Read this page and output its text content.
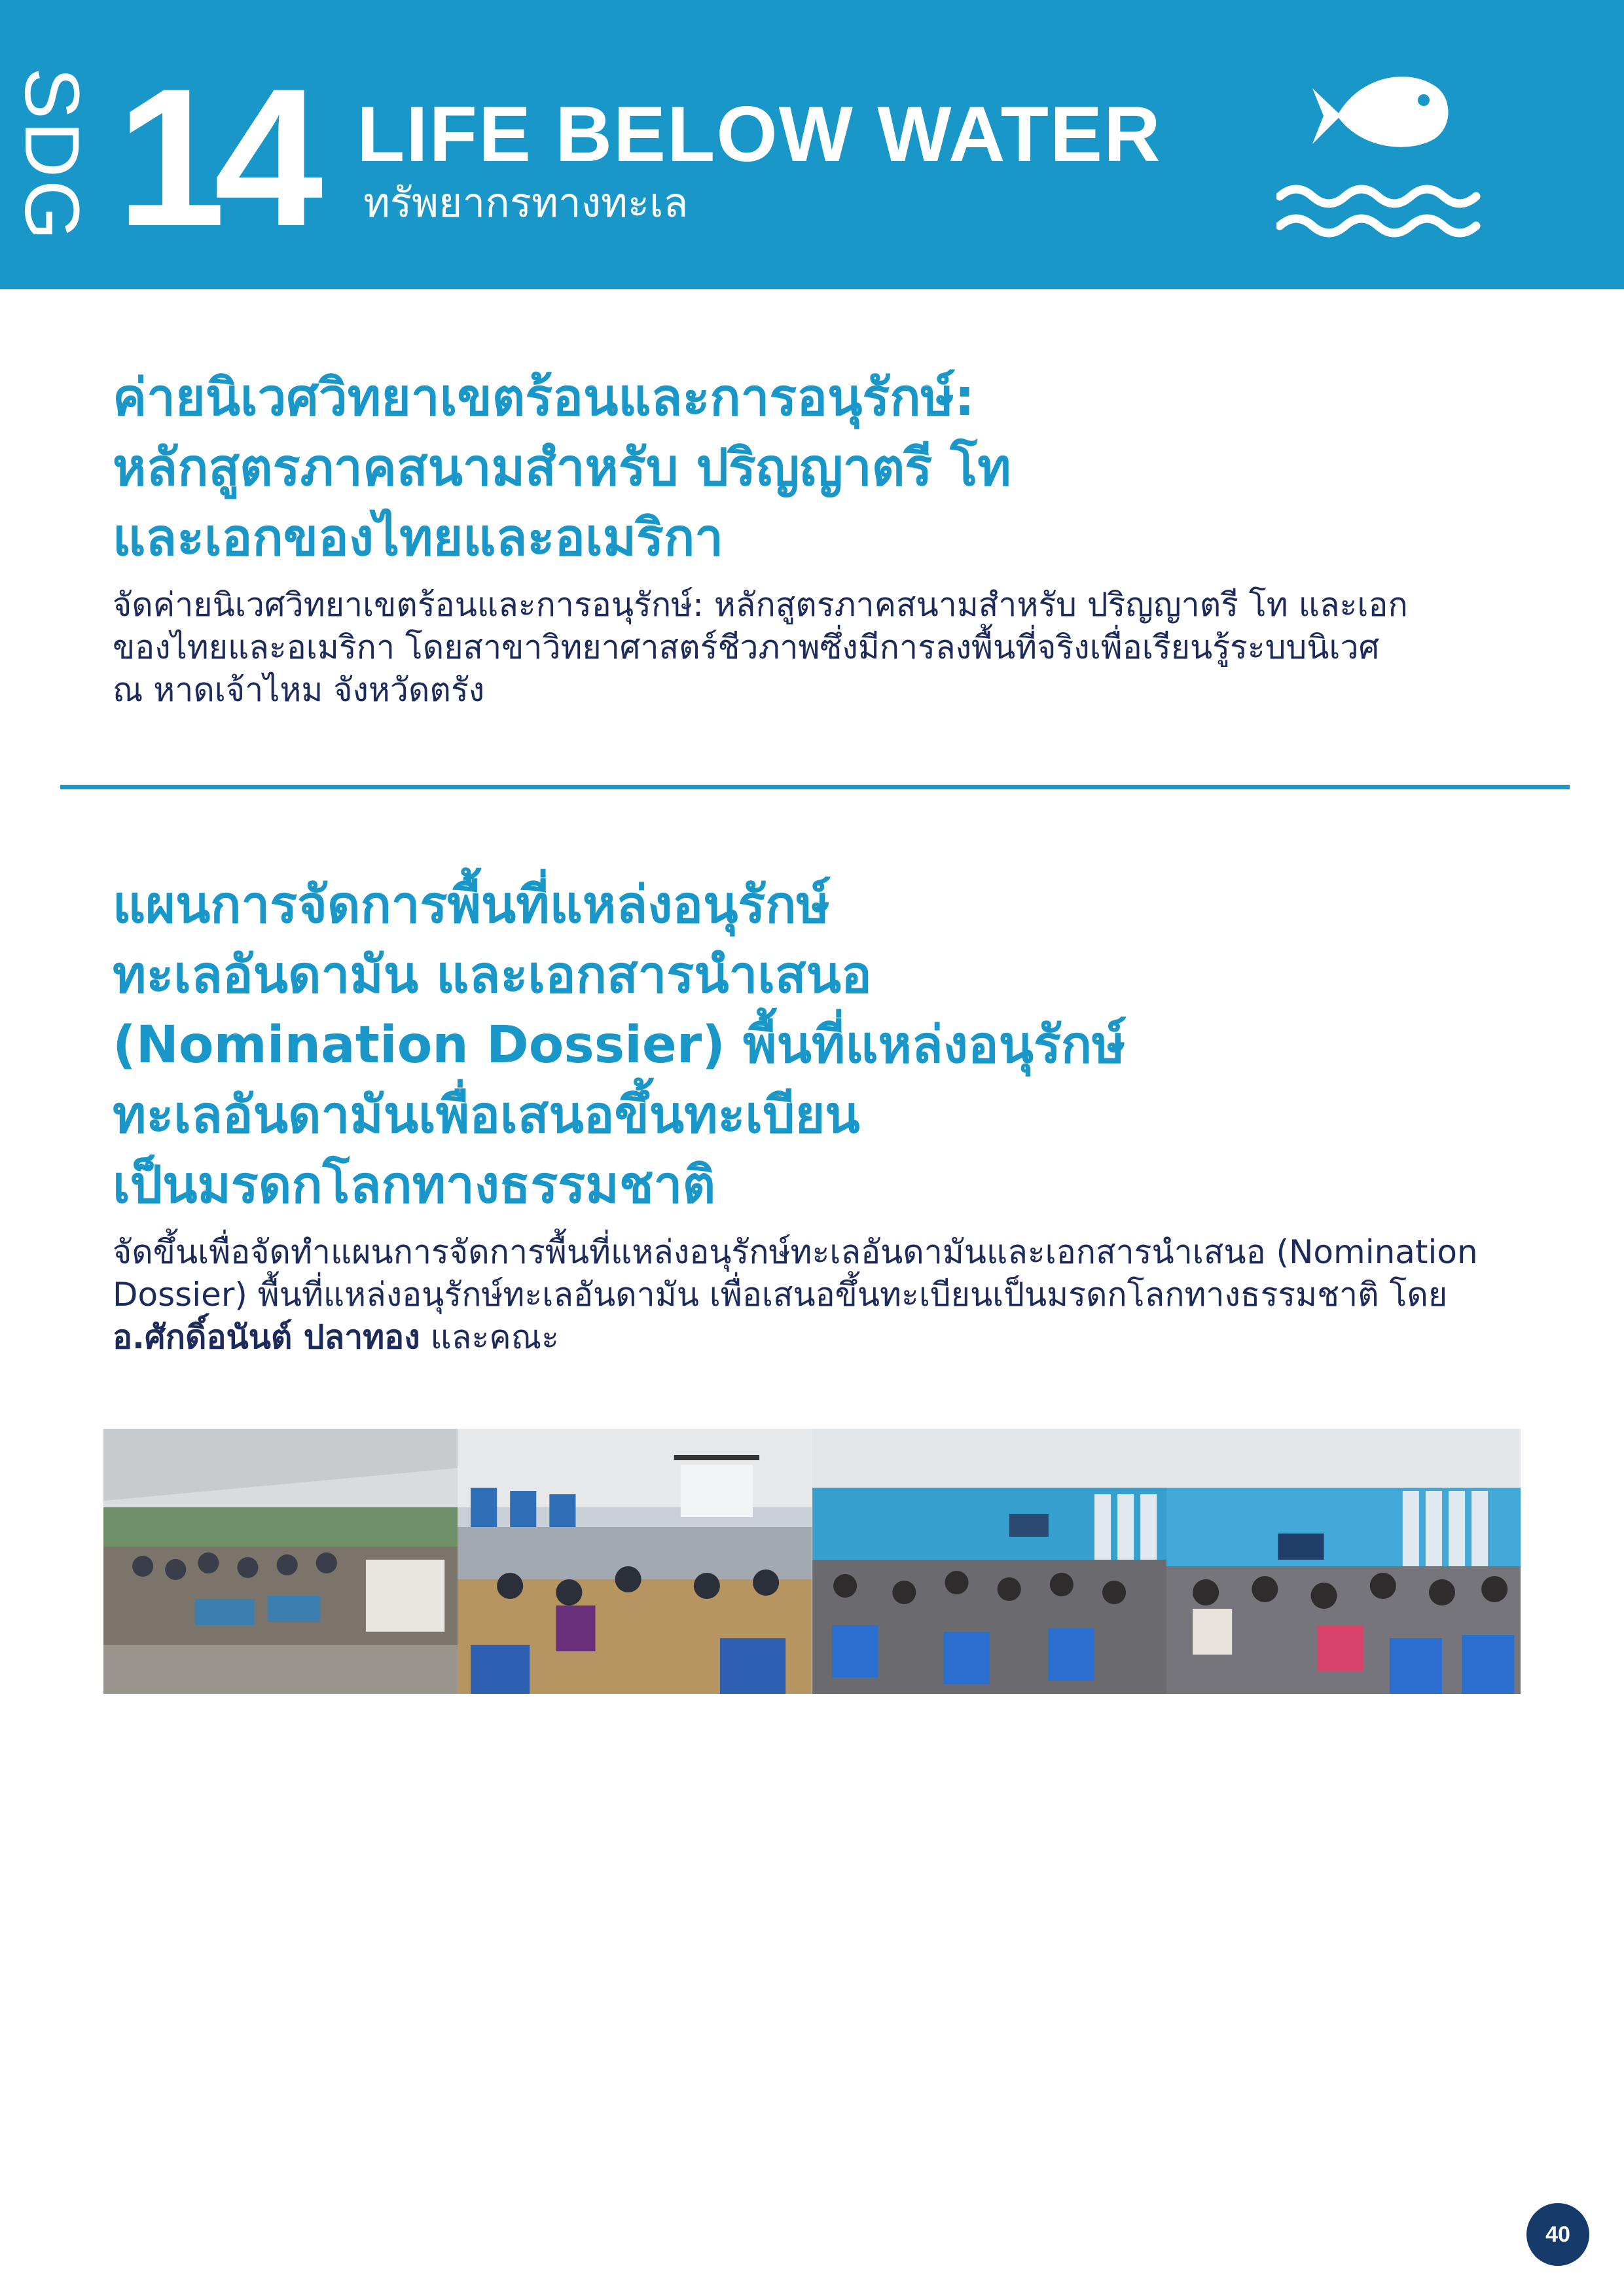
SDG 14 LIFE BELOW WATER
ทรัพยากรทางทะเล
ค่ายนิเวศวิทยาเขตร้อนและการอนุรักษ์:
หลักสูตรภาคสนามสำหรับ ปริญญาตรี โท
และเอกของไทยและอเมริกา
จัดค่ายนิเวศวิทยาเขตร้อนและการอนุรักษ์: หลักสูตรภาคสนามสำหรับ ปริญญาตรี โท และเอก
ของไทยและอเมริกา โดยสาขาวิทยาศาสตร์ชีวภาพซึ่งมีการลงพื้นที่จริงเพื่อเรียนรู้ระบบนิเวศ
ณ หาดเจ้าไหม จังหวัดตรัง
แผนการจัดการพื้นที่แหล่งอนุรักษ์
ทะเลอันดามัน และเอกสารนำเสนอ
(Nomination Dossier) พื้นที่แหล่งอนุรักษ์
ทะเลอันดามันเพื่อเสนอขึ้นทะเบียน
เป็นมรดกโลกทางธรรมชาติ
จัดขึ้นเพื่อจัดทำแผนการจัดการพื้นที่แหล่งอนุรักษ์ทะเลอันดามันและเอกสารนำเสนอ (Nomination
Dossier) พื้นที่แหล่งอนุรักษ์ทะเลอันดามัน เพื่อเสนอขึ้นทะเบียนเป็นมรดกโลกทางธรรมชาติ โดย
อ.ศักดิ์อนันต์ ปลาทอง และคณะ
40
